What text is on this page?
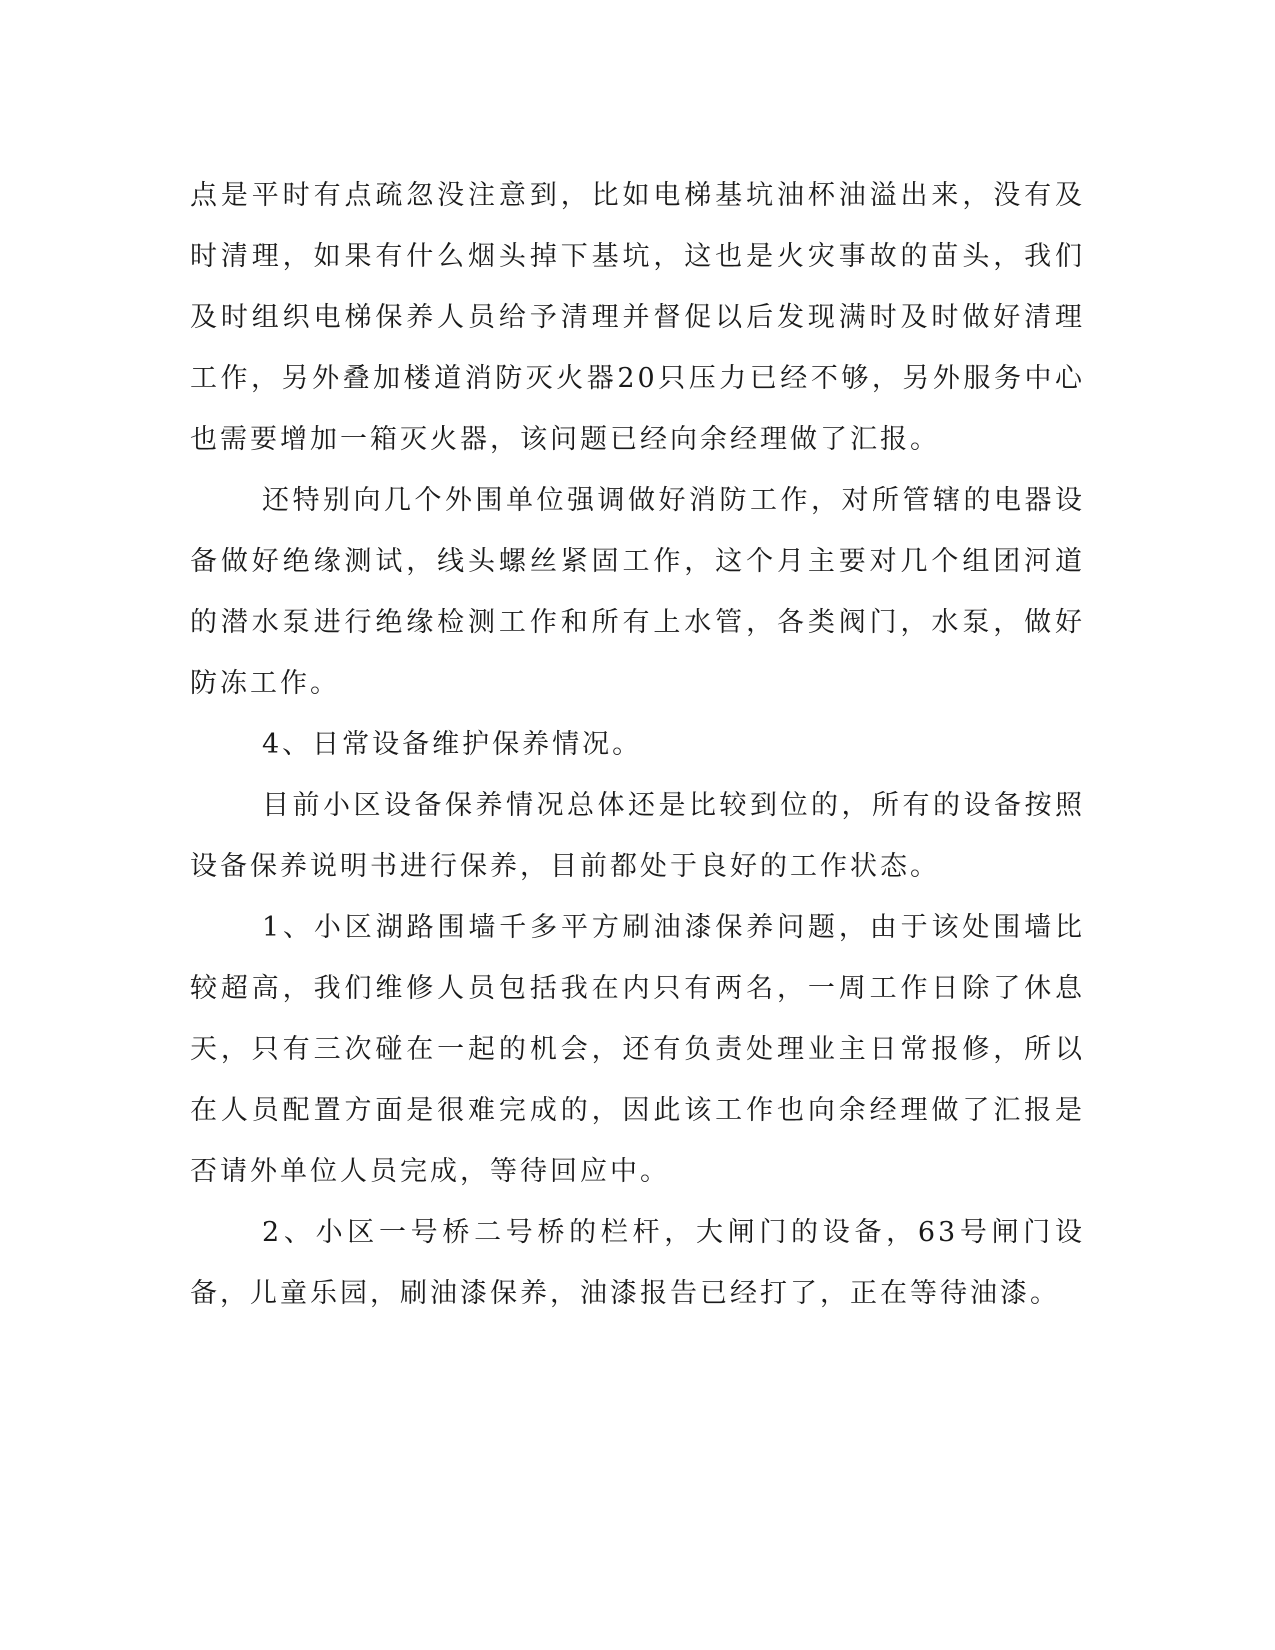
点是平时有点疏忽没注意到，比如电梯基坑油杯油溢出来，没有及时清理，如果有什么烟头掉下基坑，这也是火灾事故的苗头，我们及时组织电梯保养人员给予清理并督促以后发现满时及时做好清理工作，另外叠加楼道消防灭火器20只压力已经不够，另外服务中心也需要增加一箱灭火器，该问题已经向余经理做了汇报。

还特别向几个外围单位强调做好消防工作，对所管辖的电器设备做好绝缘测试，线头螺丝紧固工作，这个月主要对几个组团河道的潜水泵进行绝缘检测工作和所有上水管，各类阀门，水泵，做好防冻工作。

4、日常设备维护保养情况。

目前小区设备保养情况总体还是比较到位的，所有的设备按照设备保养说明书进行保养，目前都处于良好的工作状态。

1、小区湖路围墙千多平方刷油漆保养问题，由于该处围墙比较超高，我们维修人员包括我在内只有两名，一周工作日除了休息天，只有三次碰在一起的机会，还有负责处理业主日常报修，所以在人员配置方面是很难完成的，因此该工作也向余经理做了汇报是否请外单位人员完成，等待回应中。

2、小区一号桥二号桥的栏杆，大闸门的设备，63号闸门设备，儿童乐园，刷油漆保养，油漆报告已经打了，正在等待油漆。
